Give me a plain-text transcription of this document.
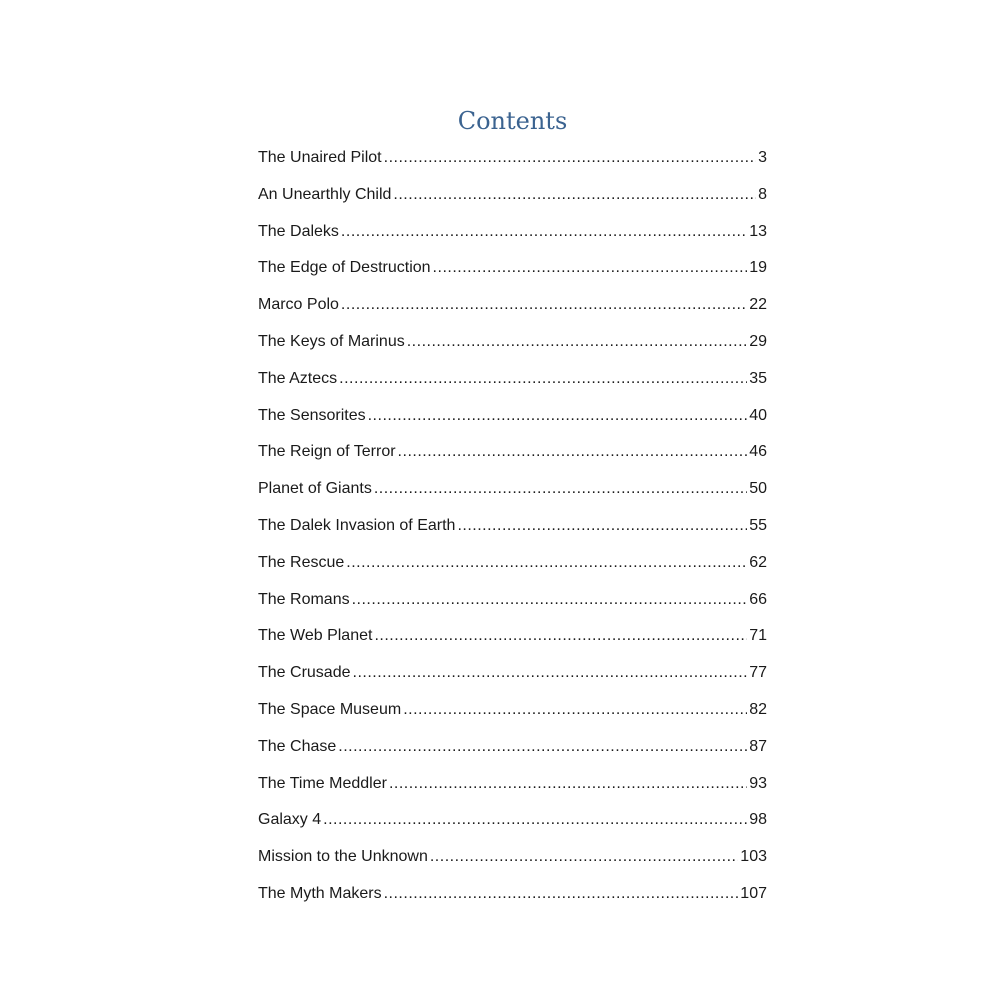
Contents
The Unaired Pilot .....	3
An Unearthly Child .....	8
The Daleks .....	13
The Edge of Destruction .....	19
Marco Polo .....	22
The Keys of Marinus .....	29
The Aztecs .....	35
The Sensorites .....	40
The Reign of Terror .....	46
Planet of Giants .....	50
The Dalek Invasion of Earth .....	55
The Rescue .....	62
The Romans .....	66
The Web Planet .....	71
The Crusade .....	77
The Space Museum .....	82
The Chase .....	87
The Time Meddler .....	93
Galaxy 4 .....	98
Mission to the Unknown .....	103
The Myth Makers .....	107
